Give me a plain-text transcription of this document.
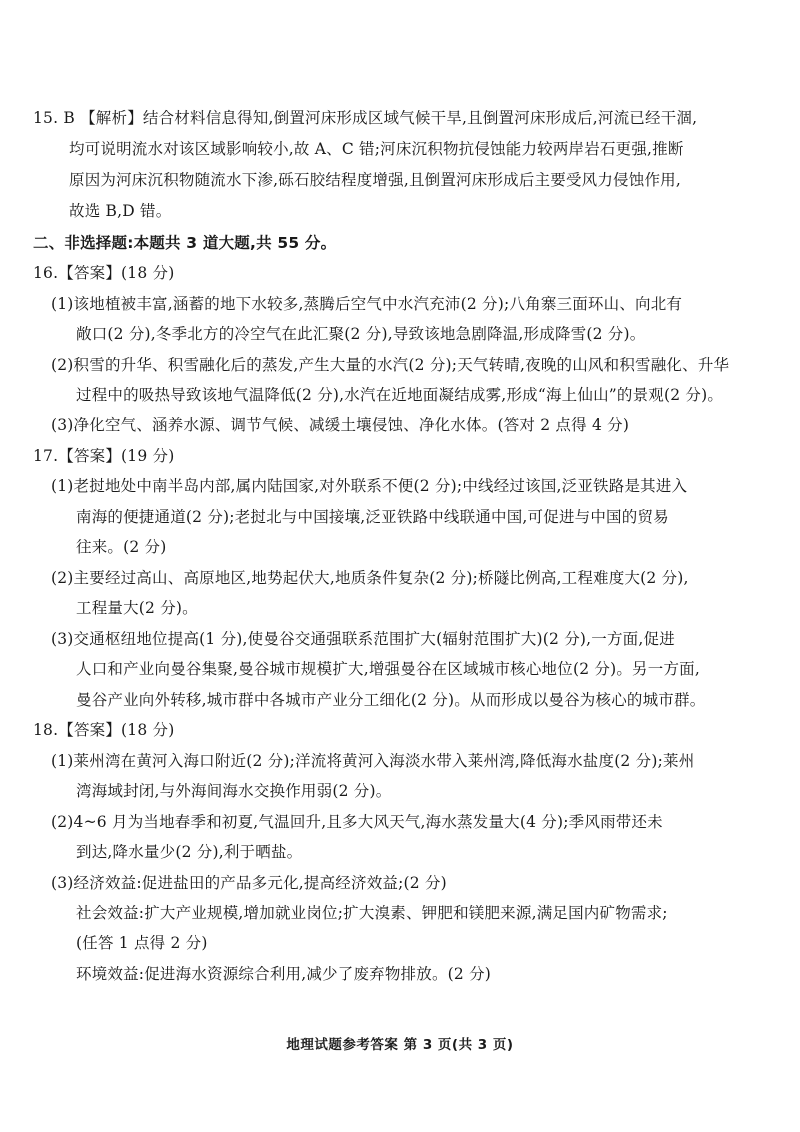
15. B 【解析】结合材料信息得知,倒置河床形成区域气候干旱,且倒置河床形成后,河流已经干涸,
均可说明流水对该区域影响较小,故 A、C 错;河床沉积物抗侵蚀能力较两岸岩石更强,推断
原因为河床沉积物随流水下渗,砾石胶结程度增强,且倒置河床形成后主要受风力侵蚀作用,
故选 B,D 错。
二、非选择题:本题共 3 道大题,共 55 分。
16.【答案】(18 分)
(1)该地植被丰富,涵蓄的地下水较多,蒸腾后空气中水汽充沛(2 分);八角寨三面环山、向北有
敞口(2 分),冬季北方的冷空气在此汇聚(2 分),导致该地急剧降温,形成降雪(2 分)。
(2)积雪的升华、积雪融化后的蒸发,产生大量的水汽(2 分);天气转晴,夜晚的山风和积雪融化、升华
过程中的吸热导致该地气温降低(2 分),水汽在近地面凝结成雾,形成“海上仙山”的景观(2 分)。
(3)净化空气、涵养水源、调节气候、减缓土壤侵蚀、净化水体。(答对 2 点得 4 分)
17.【答案】(19 分)
(1)老挝地处中南半岛内部,属内陆国家,对外联系不便(2 分);中线经过该国,泛亚铁路是其进入
南海的便捷通道(2 分);老挝北与中国接壤,泛亚铁路中线联通中国,可促进与中国的贸易
往来。(2 分)
(2)主要经过高山、高原地区,地势起伏大,地质条件复杂(2 分);桥隧比例高,工程难度大(2 分),
工程量大(2 分)。
(3)交通枢纽地位提高(1 分),使曼谷交通强联系范围扩大(辐射范围扩大)(2 分),一方面,促进
人口和产业向曼谷集聚,曼谷城市规模扩大,增强曼谷在区域城市核心地位(2 分)。另一方面,
曼谷产业向外转移,城市群中各城市产业分工细化(2 分)。从而形成以曼谷为核心的城市群。
18.【答案】(18 分)
(1)莱州湾在黄河入海口附近(2 分);洋流将黄河入海淡水带入莱州湾,降低海水盐度(2 分);莱州
湾海域封闭,与外海间海水交换作用弱(2 分)。
(2)4~6 月为当地春季和初夏,气温回升,且多大风天气,海水蒸发量大(4 分);季风雨带还未
到达,降水量少(2 分),利于晒盐。
(3)经济效益:促进盐田的产品多元化,提高经济效益;(2 分)
社会效益:扩大产业规模,增加就业岗位;扩大溴素、钾肥和镁肥来源,满足国内矿物需求;
(任答 1 点得 2 分)
环境效益:促进海水资源综合利用,减少了废弃物排放。(2 分)
地理试题参考答案 第 3 页(共 3 页)
